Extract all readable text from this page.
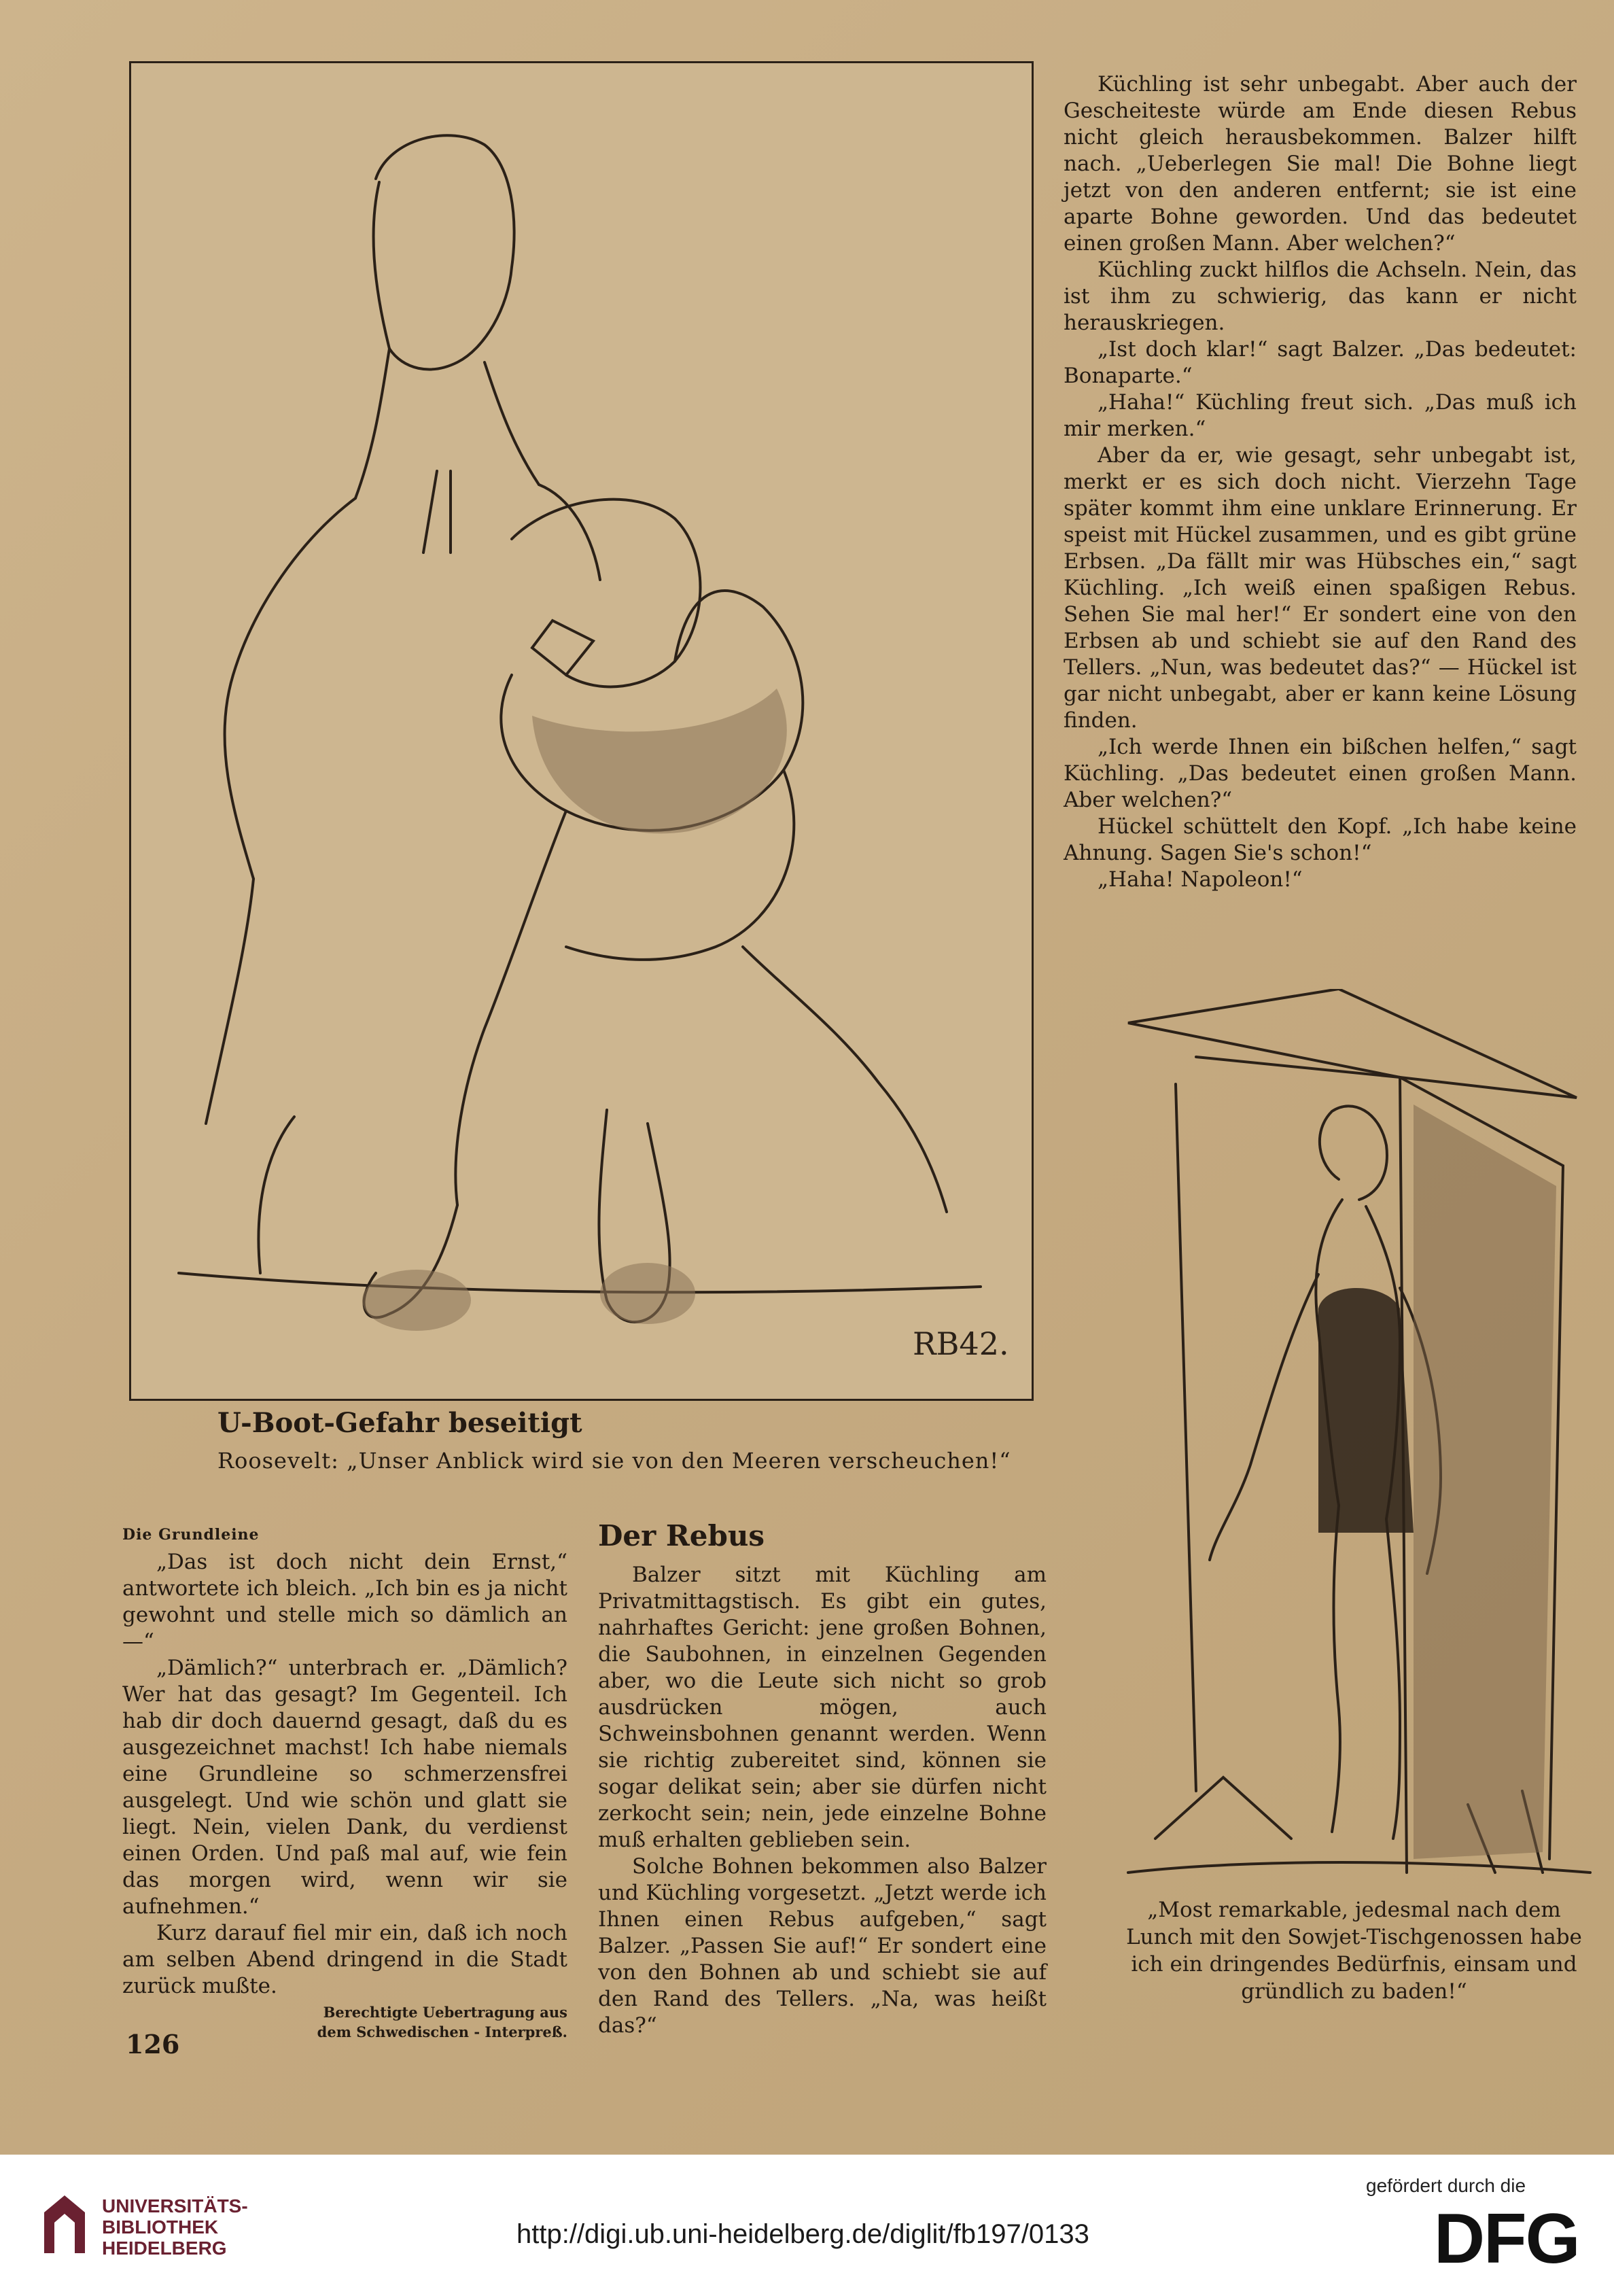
Küchling ist sehr unbegabt. Aber auch der Gescheiteste würde am Ende diesen Rebus nicht gleich herausbekommen. Balzer hilft nach. „Ueberlegen Sie mal! Die Bohne liegt jetzt von den anderen entfernt; sie ist eine aparte Bohne geworden. Und das bedeutet einen großen Mann. Aber welchen?“

Küchling zuckt hilflos die Achseln. Nein, das ist ihm zu schwierig, das kann er nicht herauskriegen.

„Ist doch klar!“ sagt Balzer. „Das bedeutet: Bonaparte.“

„Haha!“ Küchling freut sich. „Das muß ich mir merken.“

Aber da er, wie gesagt, sehr unbegabt ist, merkt er es sich doch nicht. Vierzehn Tage später kommt ihm eine unklare Erinnerung. Er speist mit Hückel zusammen, und es gibt grüne Erbsen. „Da fällt mir was Hübsches ein,“ sagt Küchling. „Ich weiß einen spaßigen Rebus. Sehen Sie mal her!“ Er sondert eine von den Erbsen ab und schiebt sie auf den Rand des Tellers. „Nun, was bedeutet das?“ — Hückel ist gar nicht unbegabt, aber er kann keine Lösung finden.

„Ich werde Ihnen ein bißchen helfen,“ sagt Küchling. „Das bedeutet einen großen Mann. Aber welchen?“

Hückel schüttelt den Kopf. „Ich habe keine Ahnung. Sagen Sie's schon!“

„Haha! Napoleon!“

RB42.
U-Boot-Gefahr beseitigt
Roosevelt: „Unser Anblick wird sie von den Meeren verscheuchen!“

Die Grundleine

„Das ist doch nicht dein Ernst,“ antwortete ich bleich. „Ich bin es ja nicht gewohnt und stelle mich so dämlich an —“

„Dämlich?“ unterbrach er. „Dämlich? Wer hat das gesagt? Im Gegenteil. Ich hab dir doch dauernd gesagt, daß du es ausgezeichnet machst! Ich habe niemals eine Grundleine so schmerzensfrei ausgelegt. Und wie schön und glatt sie liegt. Nein, vielen Dank, du verdienst einen Orden. Und paß mal auf, wie fein das morgen wird, wenn wir sie aufnehmen.“

Kurz darauf fiel mir ein, daß ich noch am selben Abend dringend in die Stadt zurück mußte.

Berechtigte Uebertragung aus
dem Schwedischen - Interpreß.

Der Rebus

Balzer sitzt mit Küchling am Privatmittagstisch. Es gibt ein gutes, nahrhaftes Gericht: jene großen Bohnen, die Saubohnen, in einzelnen Gegenden aber, wo die Leute sich nicht so grob ausdrücken mögen, auch Schweinsbohnen genannt werden. Wenn sie richtig zubereitet sind, können sie sogar delikat sein; aber sie dürfen nicht zerkocht sein; nein, jede einzelne Bohne muß erhalten geblieben sein.

Solche Bohnen bekommen also Balzer und Küchling vorgesetzt. „Jetzt werde ich Ihnen einen Rebus aufgeben,“ sagt Balzer. „Passen Sie auf!“ Er sondert eine von den Bohnen ab und schiebt sie auf den Rand des Tellers. „Na, was heißt das?“

„Most remarkable, jedesmal nach dem Lunch mit den Sowjet-Tischgenossen habe ich ein dringendes Bedürfnis, einsam und gründlich zu baden!“
126
UNIVERSITÄTS-
BIBLIOTHEK
HEIDELBERG	http://digi.ub.uni-heidelberg.de/diglit/fb197/0133
gefördert durch die
DFG
